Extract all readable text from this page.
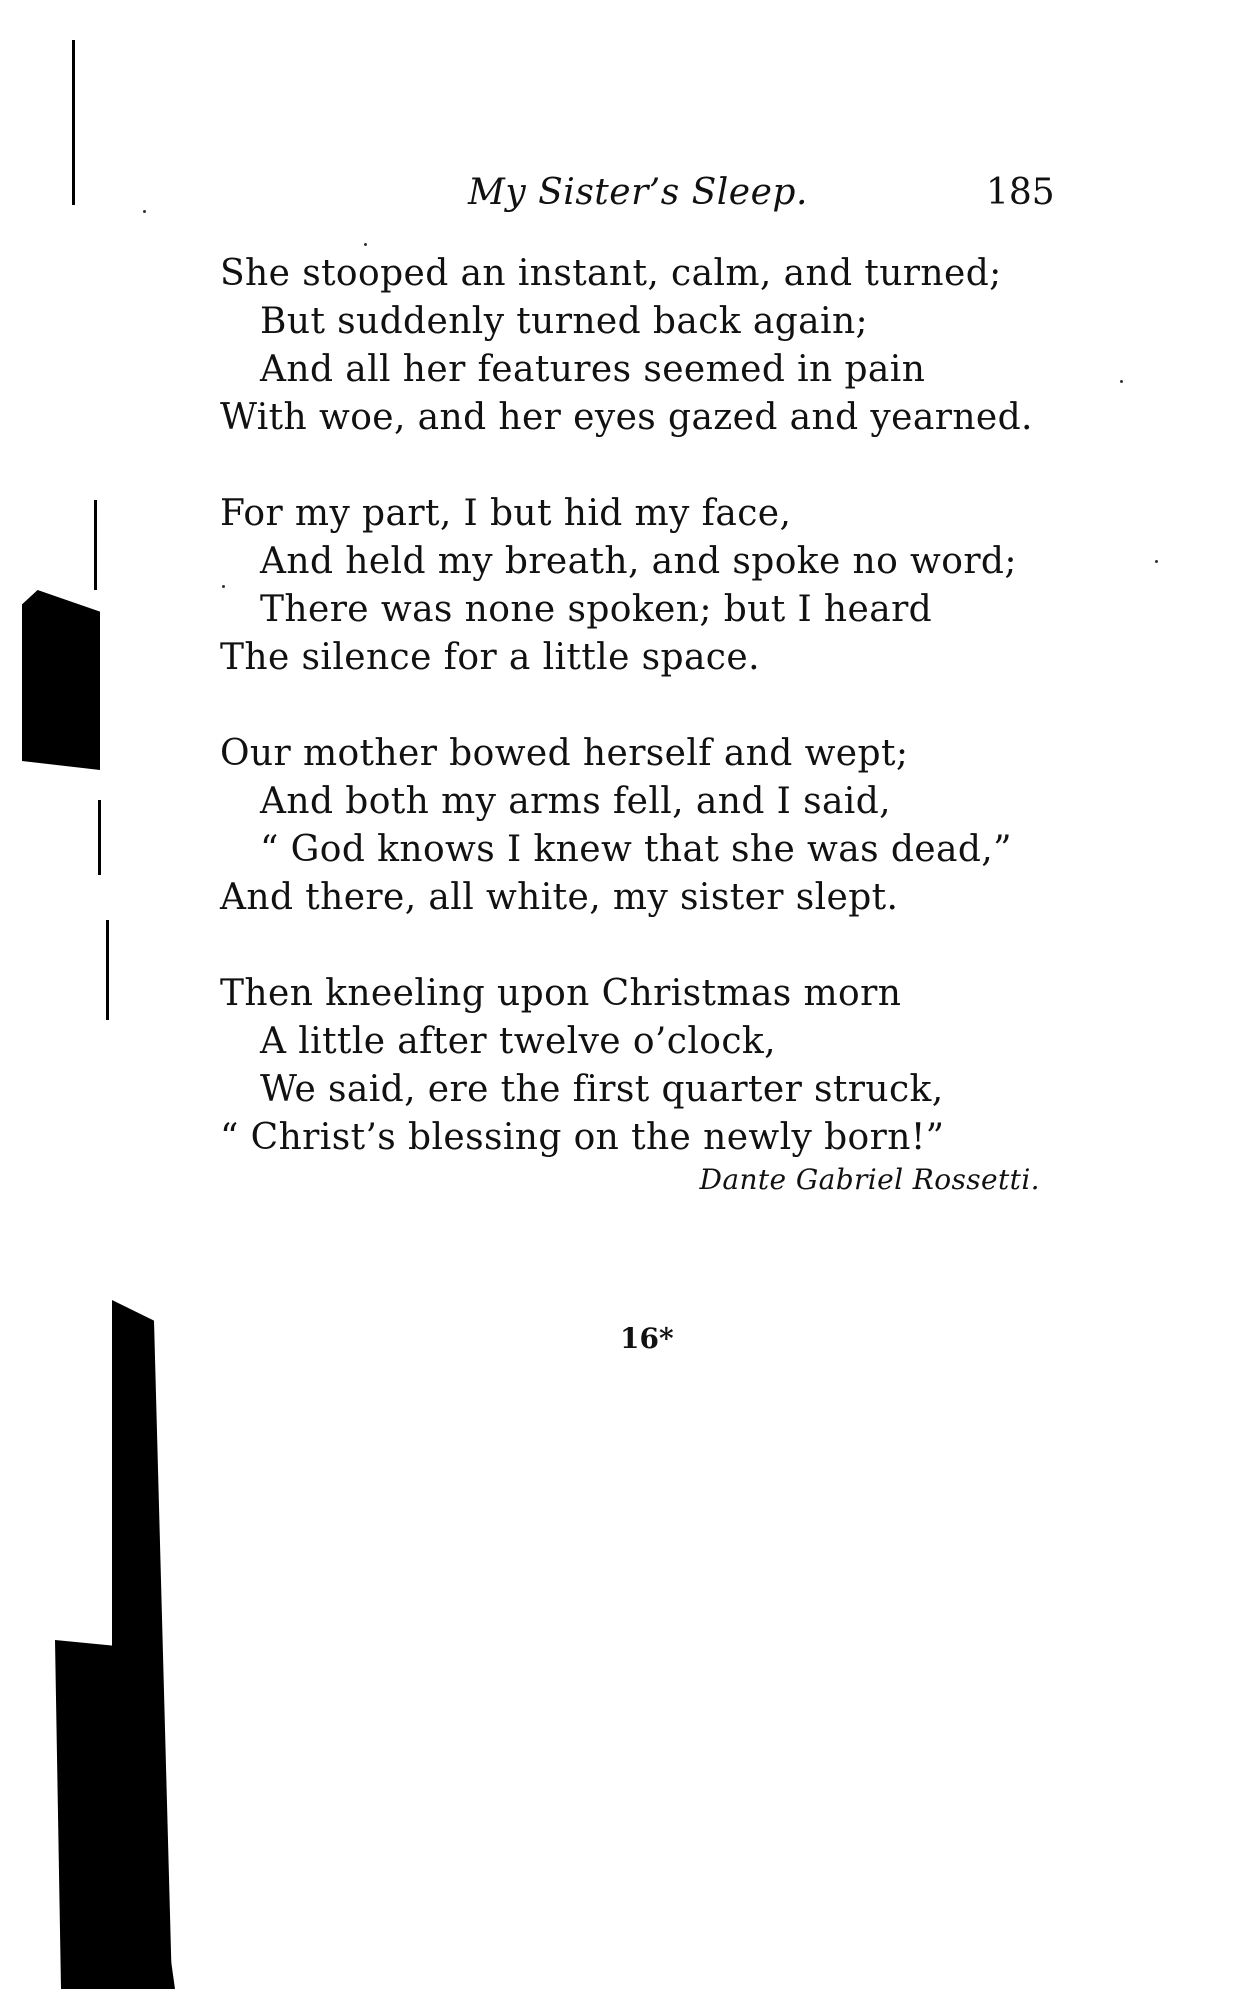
My Sister’s Sleep.	185
She stooped an instant, calm, and turned;
But suddenly turned back again;
And all her features seemed in pain
With woe, and her eyes gazed and yearned.
For my part, I but hid my face,
And held my breath, and spoke no word;
There was none spoken; but I heard
The silence for a little space.
Our mother bowed herself and wept;
And both my arms fell, and I said,
“ God knows I knew that she was dead,”
And there, all white, my sister slept.
Then kneeling upon Christmas morn
A little after twelve o’clock,
We said, ere the first quarter struck,
“ Christ’s blessing on the newly born!”
Dante Gabriel Rossetti.
16*
